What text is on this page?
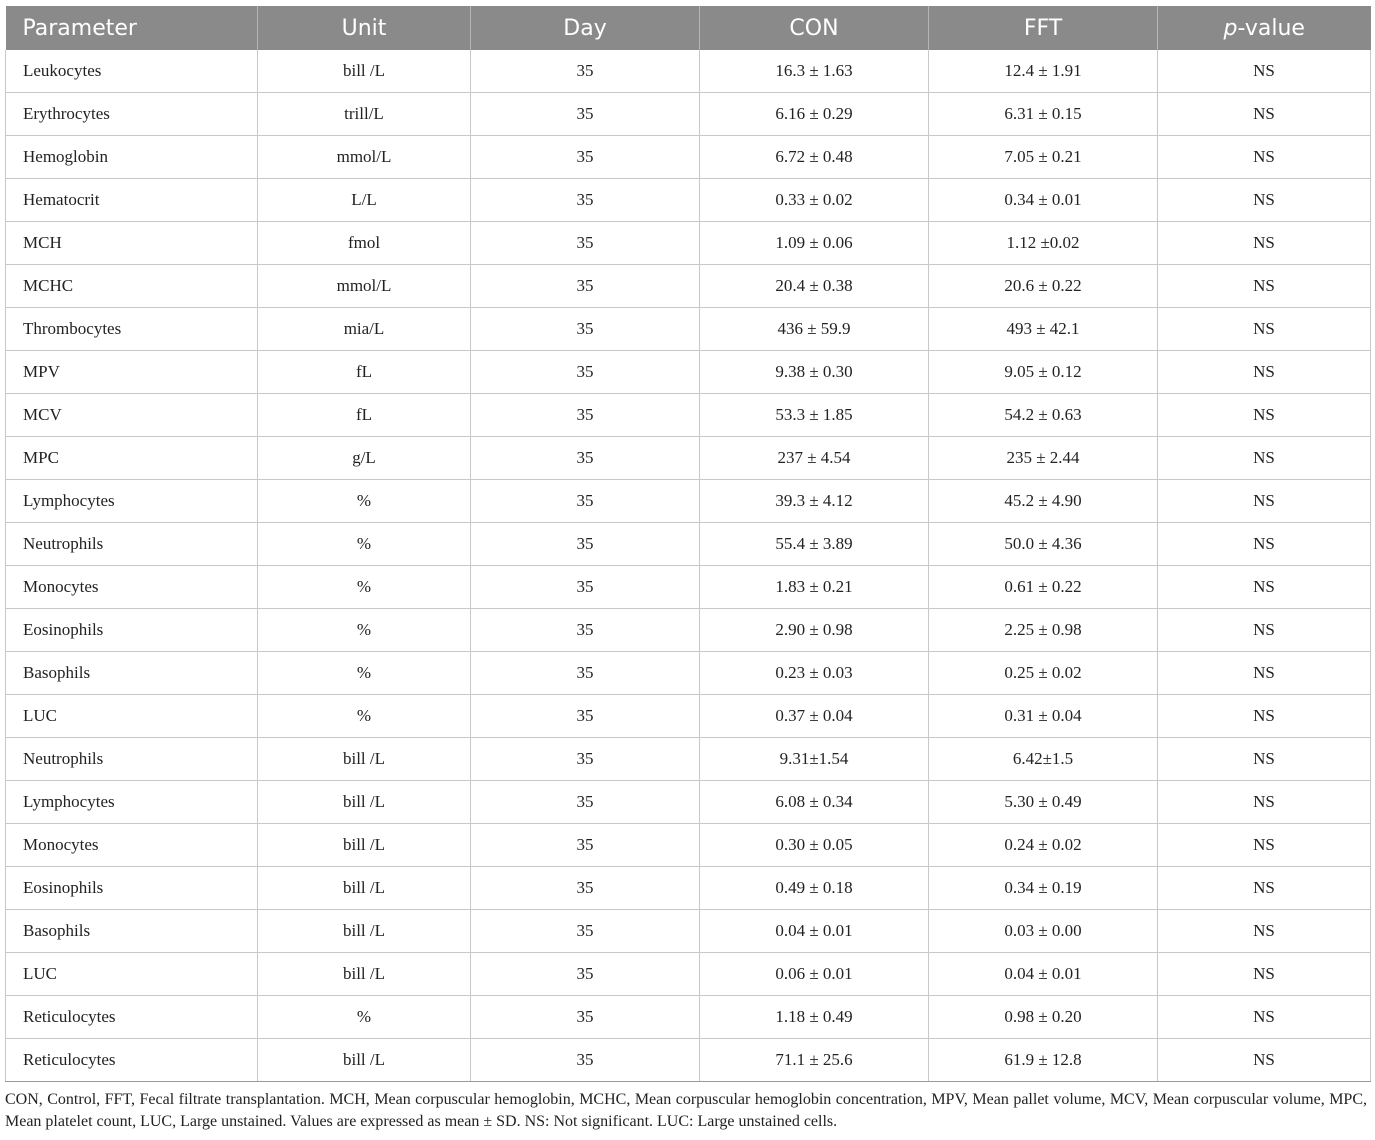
Parameter	Unit	Day	CON	FFT	p-value
Leukocytes	bill /L	35	16.3 ± 1.63	12.4 ± 1.91	NS
Erythrocytes	trill/L	35	6.16 ± 0.29	6.31 ± 0.15	NS
Hemoglobin	mmol/L	35	6.72 ± 0.48	7.05 ± 0.21	NS
Hematocrit	L/L	35	0.33 ± 0.02	0.34 ± 0.01	NS
MCH	fmol	35	1.09 ± 0.06	1.12 ±0.02	NS
MCHC	mmol/L	35	20.4 ± 0.38	20.6 ± 0.22	NS
Thrombocytes	mia/L	35	436 ± 59.9	493 ± 42.1	NS
MPV	fL	35	9.38 ± 0.30	9.05 ± 0.12	NS
MCV	fL	35	53.3 ± 1.85	54.2 ± 0.63	NS
MPC	g/L	35	237 ± 4.54	235 ± 2.44	NS
Lymphocytes	%	35	39.3 ± 4.12	45.2 ± 4.90	NS
Neutrophils	%	35	55.4 ± 3.89	50.0 ± 4.36	NS
Monocytes	%	35	1.83 ± 0.21	0.61 ± 0.22	NS
Eosinophils	%	35	2.90 ± 0.98	2.25 ± 0.98	NS
Basophils	%	35	0.23 ± 0.03	0.25 ± 0.02	NS
LUC	%	35	0.37 ± 0.04	0.31 ± 0.04	NS
Neutrophils	bill /L	35	9.31±1.54	6.42±1.5	NS
Lymphocytes	bill /L	35	6.08 ± 0.34	5.30 ± 0.49	NS
Monocytes	bill /L	35	0.30 ± 0.05	0.24 ± 0.02	NS
Eosinophils	bill /L	35	0.49 ± 0.18	0.34 ± 0.19	NS
Basophils	bill /L	35	0.04 ± 0.01	0.03 ± 0.00	NS
LUC	bill /L	35	0.06 ± 0.01	0.04 ± 0.01	NS
Reticulocytes	%	35	1.18 ± 0.49	0.98 ± 0.20	NS
Reticulocytes	bill /L	35	71.1 ± 25.6	61.9 ± 12.8	NS
CON, Control, FFT, Fecal filtrate transplantation. MCH, Mean corpuscular hemoglobin, MCHC, Mean corpuscular hemoglobin concentration, MPV, Mean pallet volume, MCV, Mean corpuscular volume, MPC, Mean platelet count, LUC, Large unstained. Values are expressed as mean ± SD. NS: Not significant. LUC: Large unstained cells.
